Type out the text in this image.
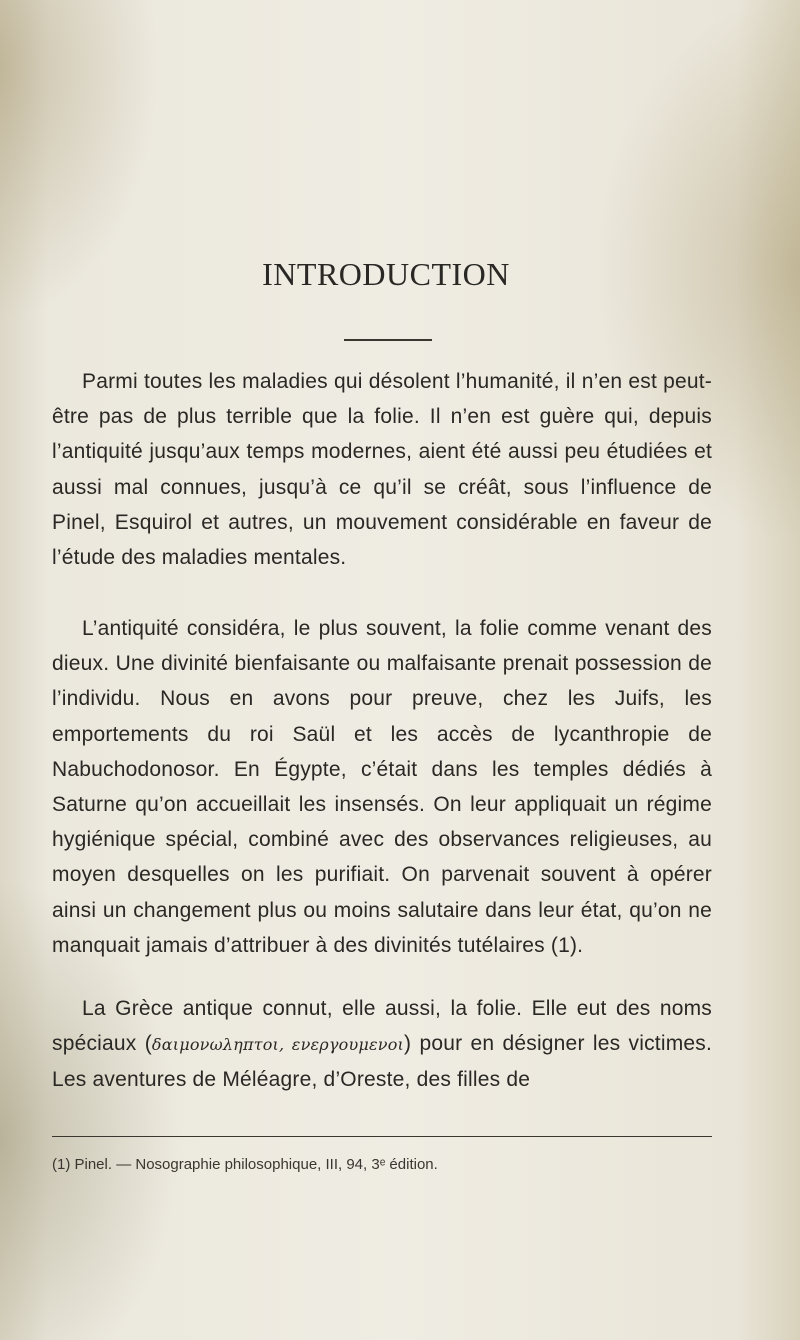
INTRODUCTION

Parmi toutes les maladies qui désolent l’humanité, il n’en est peut-être pas de plus terrible que la folie. Il n’en est guère qui, depuis l’antiquité jusqu’aux temps modernes, aient été aussi peu étudiées et aussi mal connues, jusqu’à ce qu’il se créât, sous l’influence de Pinel, Esquirol et autres, un mouvement considérable en faveur de l’étude des maladies mentales.

L’antiquité considéra, le plus souvent, la folie comme venant des dieux. Une divinité bienfaisante ou malfaisante prenait possession de l’individu. Nous en avons pour preuve, chez les Juifs, les emportements du roi Saül et les accès de lycanthropie de Nabuchodonosor. En Égypte, c’était dans les temples dédiés à Saturne qu’on accueillait les insensés. On leur appliquait un régime hygiénique spécial, combiné avec des observances religieuses, au moyen desquelles on les purifiait. On parvenait souvent à opérer ainsi un changement plus ou moins salutaire dans leur état, qu’on ne manquait jamais d’attribuer à des divinités tutélaires (1).

La Grèce antique connut, elle aussi, la folie. Elle eut des noms spéciaux (δαιμονωληπτοι, ενεργουμενοι) pour en désigner les victimes. Les aventures de Méléagre, d’Oreste, des filles de

(1) Pinel. — Nosographie philosophique, III, 94, 3ᵉ édition.
